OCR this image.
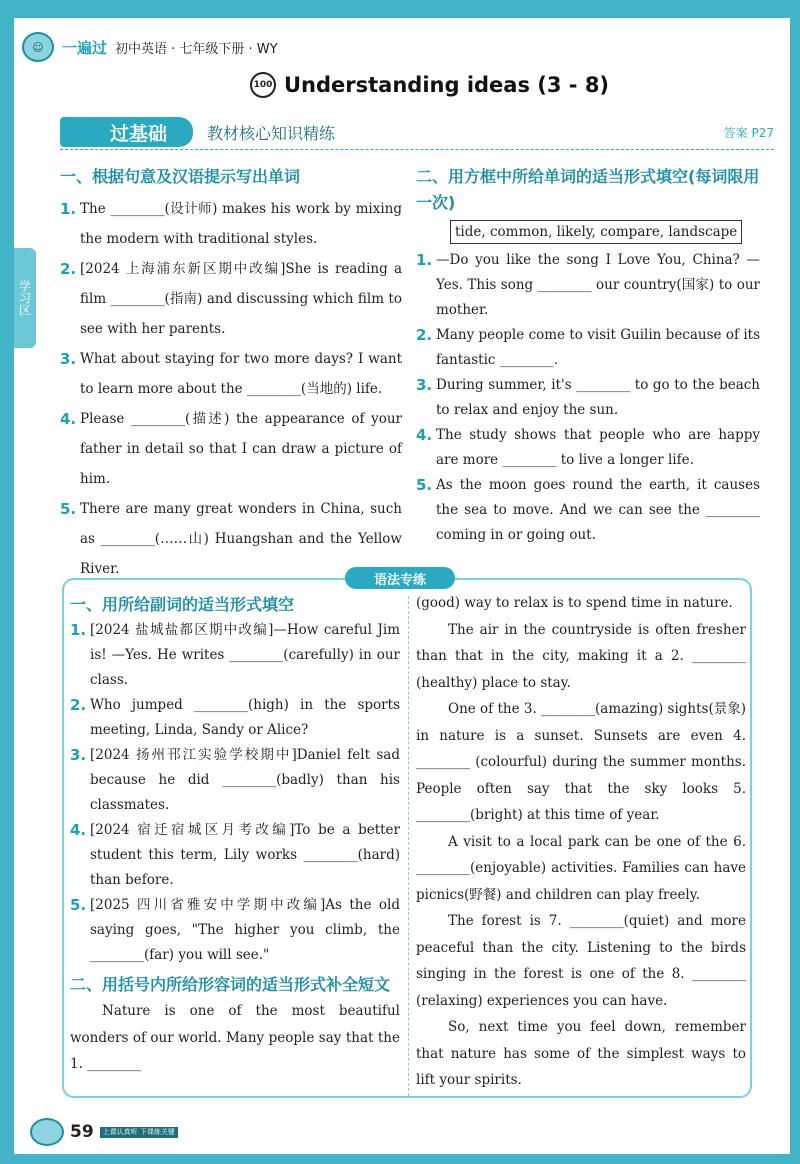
☺	一遍过 初中英语 · 七年级下册 · WY
100 Understanding ideas (3 - 8)
过基础	教材核心知识精练	答案 P27
学习区
一、根据句意及汉语提示写出单词
1. The ________(设计师) makes his work by mixing the modern with traditional styles.
2. [2024 上海浦东新区期中改编]She is reading a film ________(指南) and discussing which film to see with her parents.
3. What about staying for two more days? I want to learn more about the ________(当地的) life.
4. Please ________(描述) the appearance of your father in detail so that I can draw a picture of him.
5. There are many great wonders in China, such as ________(……山) Huangshan and the Yellow River.
二、用方框中所给单词的适当形式填空(每词限用一次)
tide, common, likely, compare, landscape
1. —Do you like the song I Love You, China? —Yes. This song ________ our country(国家) to our mother.
2. Many people come to visit Guilin because of its fantastic ________.
3. During summer, it's ________ to go to the beach to relax and enjoy the sun.
4. The study shows that people who are happy are more ________ to live a longer life.
5. As the moon goes round the earth, it causes the sea to move. And we can see the ________ coming in or going out.
语法专练
一、用所给副词的适当形式填空
1. [2024 盐城盐都区期中改编]—How careful Jim is! —Yes. He writes ________(carefully) in our class.
2. Who jumped ________(high) in the sports meeting, Linda, Sandy or Alice?
3. [2024 扬州邗江实验学校期中]Daniel felt sad because he did ________(badly) than his classmates.
4. [2024 宿迁宿城区月考改编]To be a better student this term, Lily works ________(hard) than before.
5. [2025 四川省雅安中学期中改编]As the old saying goes, "The higher you climb, the ________(far) you will see."
二、用括号内所给形容词的适当形式补全短文
Nature is one of the most beautiful wonders of our world. Many people say that the 1. ________
(good) way to relax is to spend time in nature.
The air in the countryside is often fresher than that in the city, making it a 2. ________ (healthy) place to stay.
One of the 3. ________(amazing) sights(景象) in nature is a sunset. Sunsets are even 4. ________ (colourful) during the summer months. People often say that the sky looks 5. ________(bright) at this time of year.
A visit to a local park can be one of the 6. ________(enjoyable) activities. Families can have picnics(野餐) and children can play freely.
The forest is 7. ________(quiet) and more peaceful than the city. Listening to the birds singing in the forest is one of the 8. ________ (relaxing) experiences you can have.
So, next time you feel down, remember that nature has some of the simplest ways to lift your spirits.
59	上课认真听 下课练关键
